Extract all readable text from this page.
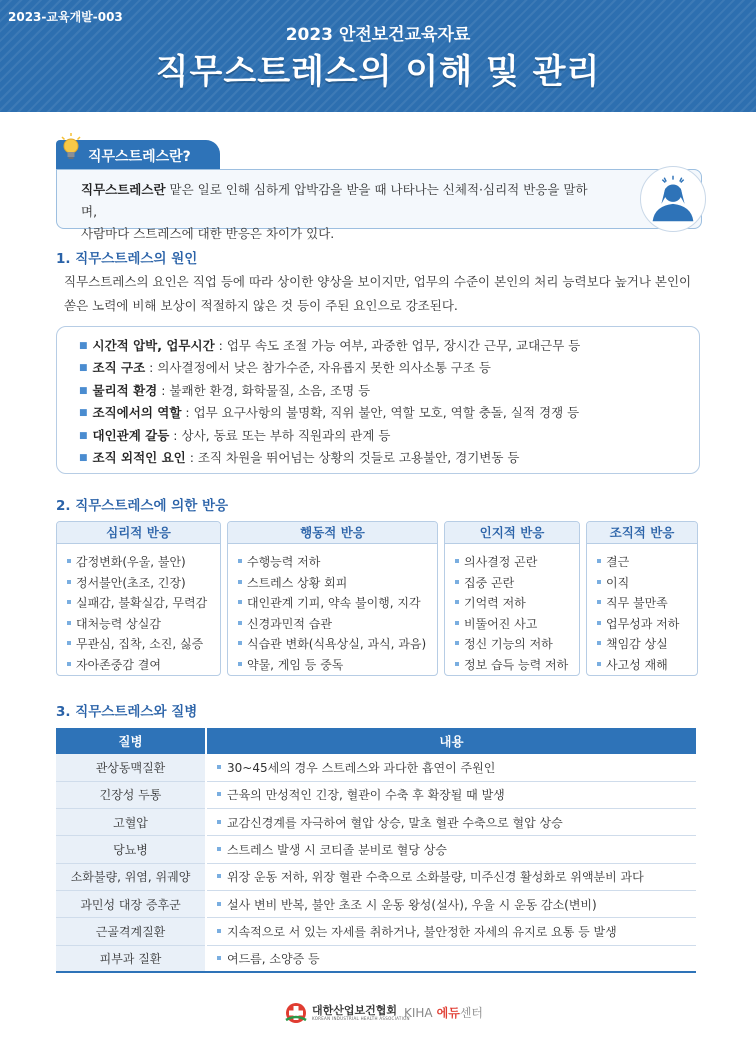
2023-교육개발-003
2023 안전보건교육자료
직무스트레스의 이해 및 관리
직무스트레스란?
직무스트레스란 맡은 일로 인해 심하게 압박감을 받을 때 나타나는 신체적·심리적 반응을 말하며,
사람마다 스트레스에 대한 반응은 차이가 있다.
1. 직무스트레스의 원인
직무스트레스의 요인은 직업 등에 따라 상이한 양상을 보이지만, 업무의 수준이 본인의 처리 능력보다 높거나 본인이 쏟은 노력에 비해 보상이 적절하지 않은 것 등이 주된 요인으로 강조된다.
■ 시간적 압박, 업무시간 : 업무 속도 조절 가능 여부, 과중한 업무, 장시간 근무, 교대근무 등
■ 조직 구조 : 의사결정에서 낮은 참가수준, 자유롭지 못한 의사소통 구조 등
■ 물리적 환경 : 불쾌한 환경, 화학물질, 소음, 조명 등
■ 조직에서의 역할 : 업무 요구사항의 불명확, 직위 불안, 역할 모호, 역할 충돌, 실적 경쟁 등
■ 대인관계 갈등 : 상사, 동료 또는 부하 직원과의 관계 등
■ 조직 외적인 요인 : 조직 차원을 뛰어넘는 상황의 것들로 고용불안, 경기변동 등
2. 직무스트레스에 의한 반응
심리적 반응
감정변화(우울, 불안)
정서불안(초조, 긴장)
실패감, 불확실감, 무력감
대처능력 상실감
무관심, 집착, 소진, 싫증
자아존중감 결여
행동적 반응
수행능력 저하
스트레스 상황 회피
대인관계 기피, 약속 불이행, 지각
신경과민적 습관
식습관 변화(식욕상실, 과식, 과음)
약물, 게임 등 중독
인지적 반응
의사결정 곤란
집중 곤란
기억력 저하
비뚤어진 사고
정신 기능의 저하
정보 습득 능력 저하
조직적 반응
결근
이직
직무 불만족
업무성과 저하
책임감 상실
사고성 재해
3. 직무스트레스와 질병
질병	내용
관상동맥질환	30~45세의 경우 스트레스와 과다한 흡연이 주원인
긴장성 두통	근육의 만성적인 긴장, 혈관이 수축 후 확장될 때 발생
고혈압	교감신경계를 자극하여 혈압 상승, 말초 혈관 수축으로 혈압 상승
당뇨병	스트레스 발생 시 코티졸 분비로 혈당 상승
소화불량, 위염, 위궤양	위장 운동 저하, 위장 혈관 수축으로 소화불량, 미주신경 활성화로 위액분비 과다
과민성 대장 증후군	설사 변비 반복, 불안 초조 시 운동 왕성(설사), 우울 시 운동 감소(변비)
근골격계질환	지속적으로 서 있는 자세를 취하거나, 불안정한 자세의 유지로 요통 등 발생
피부과 질환	여드름, 소양증 등
대한산업보건협회
KOREAN INDUSTRIAL HEALTH ASSOCIATION
KIHA 에듀센터
